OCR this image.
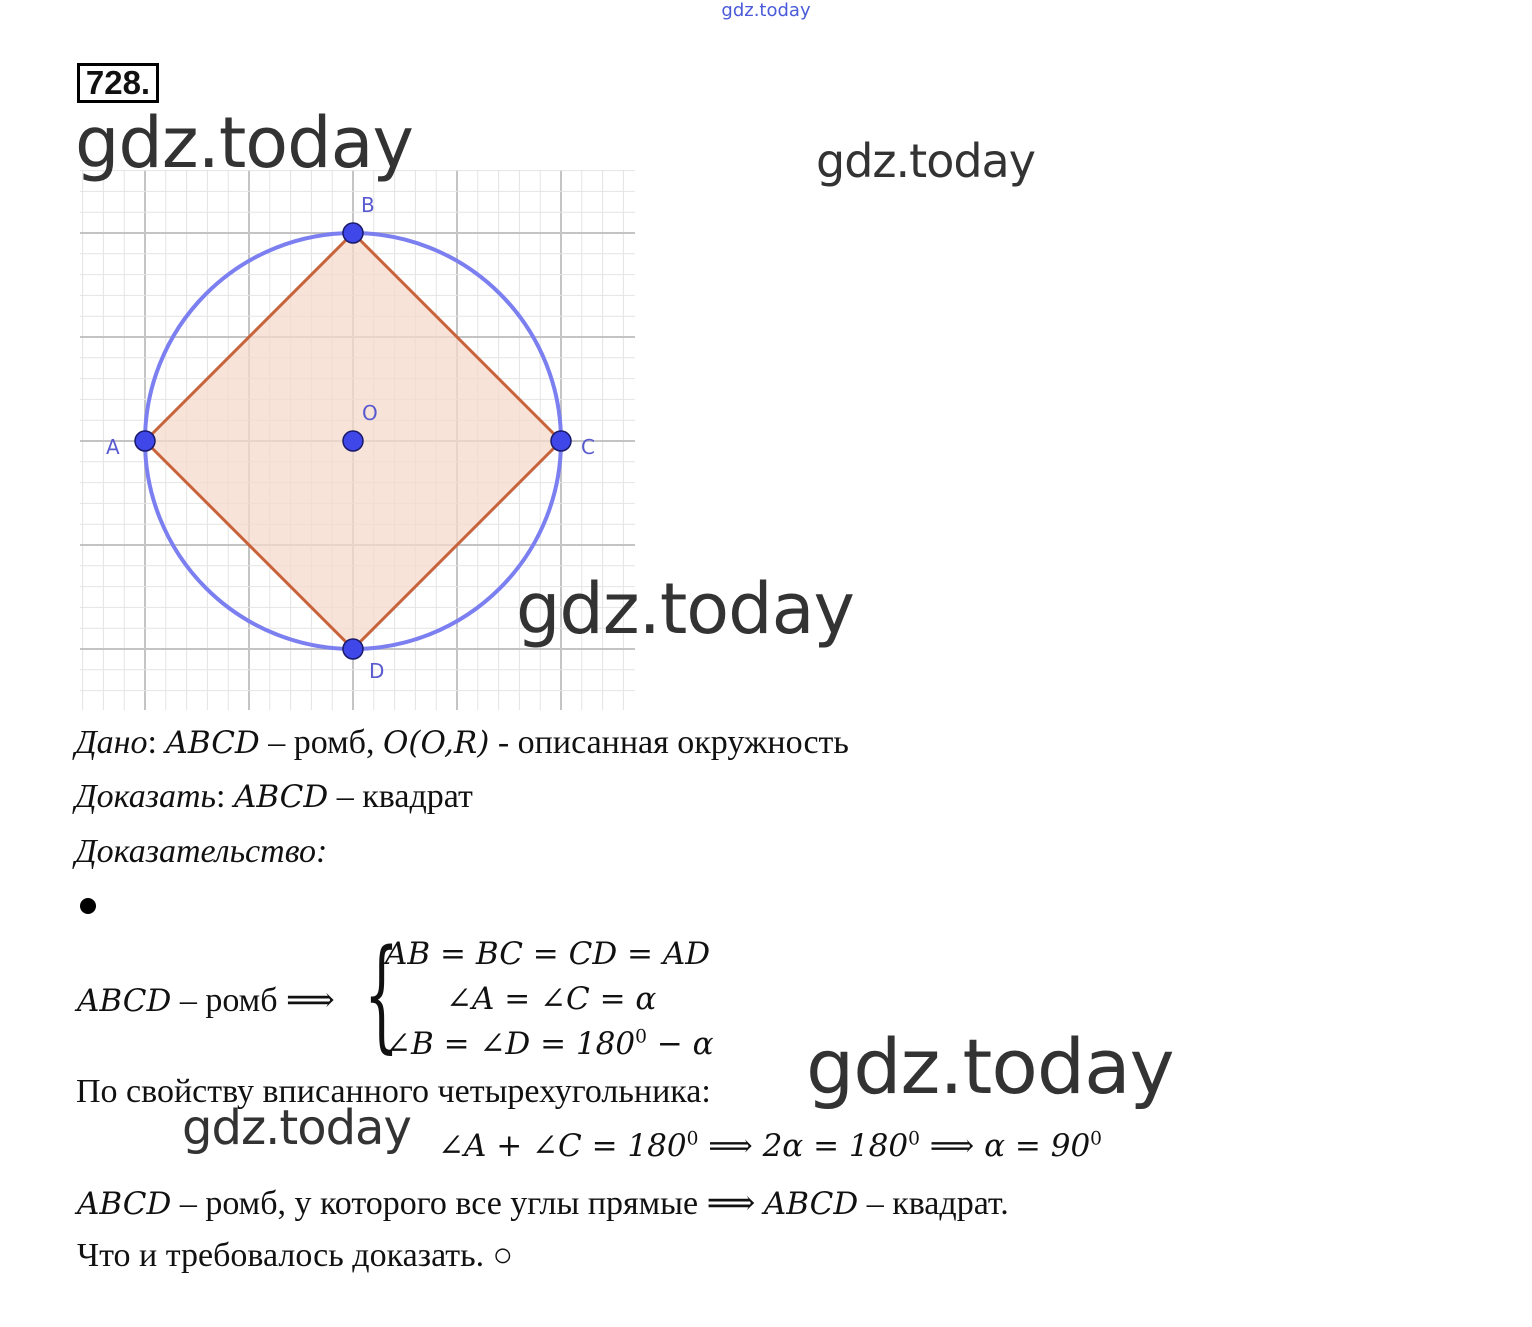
gdz.today
728.
A
B
C
D
O
gdz.today	gdz.today
gdz.today
Дано: ABCD – ромб, O(O,R) - описанная окружность
Доказать: ABCD – квадрат
Доказательство:
ABCD – ромб ⟹ {
AB = BC = CD = AD
∠A = ∠C = α
∠B = ∠D = $180^0 - \alpha$
По свойству вписанного четырехугольника: gdz.today
gdz.today ∠A + ∠C = $180^0$ ⟹ $2\alpha = 180^0$ ⟹ $\alpha = 90^0$
ABCD – ромб, у которого все углы прямые ⟹ ABCD – квадрат.
Что и требовалось доказать. ○
